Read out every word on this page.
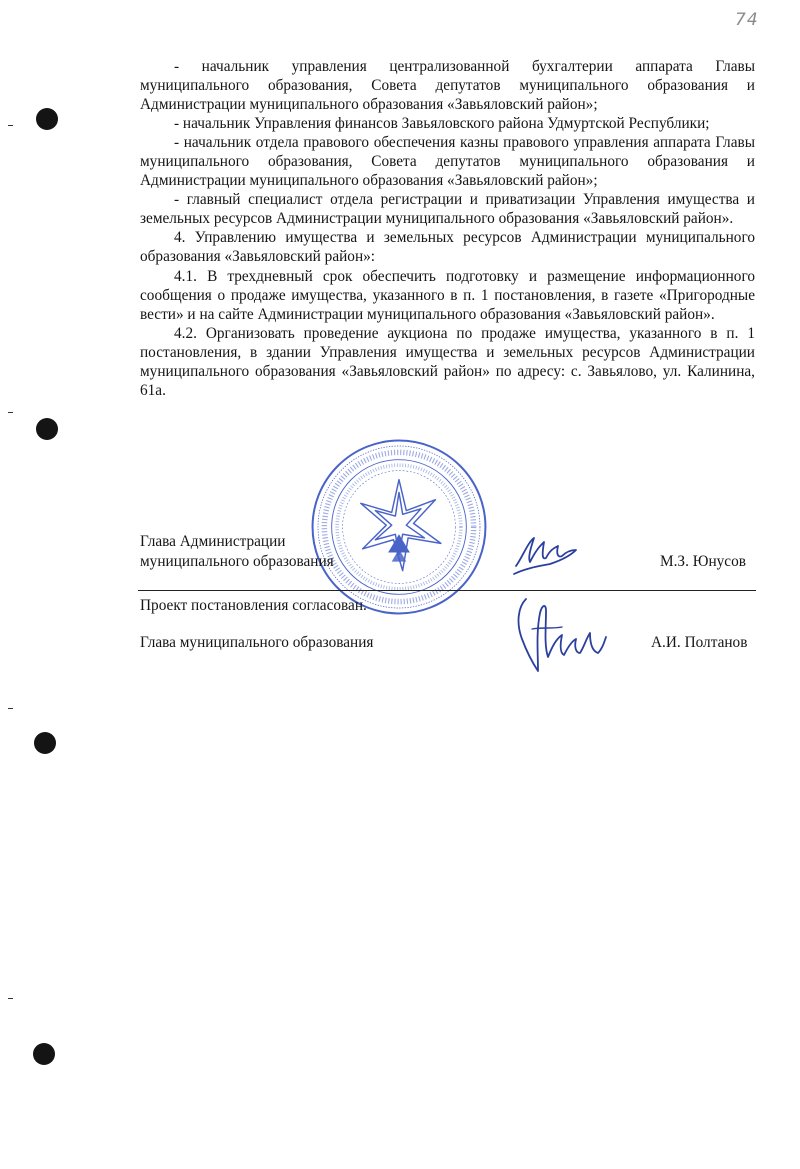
74

- начальник управления централизованной бухгалтерии аппарата Главы муниципального образования, Совета депутатов муниципального образования и Администрации муниципального образования «Завьяловский район»;

- начальник Управления финансов Завьяловского района Удмуртской Республики;

- начальник отдела правового обеспечения казны правового управления аппарата Главы муниципального образования, Совета депутатов муниципального образования и Администрации муниципального образования «Завьяловский район»;

- главный специалист отдела регистрации и приватизации Управления имущества и земельных ресурсов Администрации муниципального образования «Завьяловский район».

4. Управлению имущества и земельных ресурсов Администрации муниципального образования «Завьяловский район»:

4.1. В трехдневный срок обеспечить подготовку и размещение информационного сообщения о продаже имущества, указанного в п. 1 постановления, в газете «Пригородные вести» и на сайте Администрации муниципального образования «Завьяловский район».

4.2. Организовать проведение аукциона по продаже имущества, указанного в п. 1 постановления, в здании Управления имущества и земельных ресурсов Администрации муниципального образования «Завьяловский район» по адресу: с. Завьялово, ул. Калинина, 61а.

Глава Администрации
муниципального образования	М.З. Юнусов
Проект постановления согласован.
Глава муниципального образования	А.И. Полтанов
